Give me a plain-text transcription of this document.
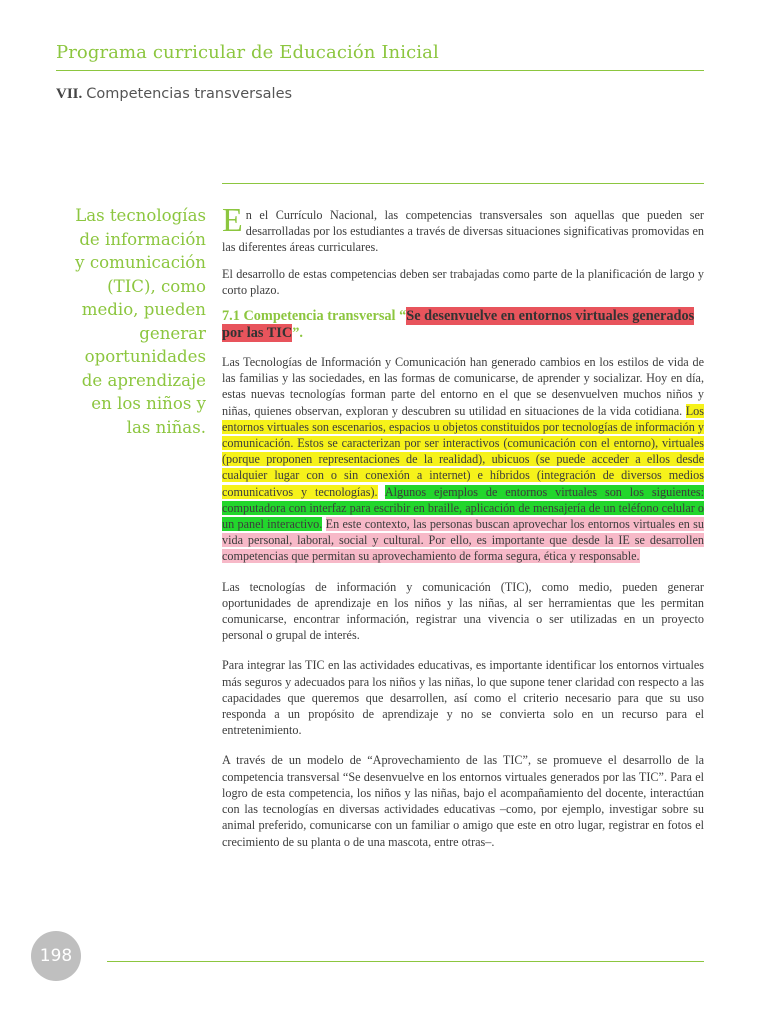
Programa curricular de Educación Inicial
VII. Competencias transversales
Las tecnologías
de información
y comunicación
(TIC), como
medio, pueden
generar
oportunidades
de aprendizaje
en los niños y
las niñas.

En el Currículo Nacional, las competencias transversales son aquellas que pueden ser desarrolladas por los estudiantes a través de diversas situaciones significativas promovidas en las diferentes áreas curriculares.

El desarrollo de estas competencias deben ser trabajadas como parte de la planificación de largo y corto plazo.

7.1 Competencia transversal “Se desenvuelve en entornos virtuales generados por las TIC”.

Las Tecnologías de Información y Comunicación han generado cambios en los estilos de vida de las familias y las sociedades, en las formas de comunicarse, de aprender y socializar. Hoy en día, estas nuevas tecnologías forman parte del entorno en el que se desenvuelven muchos niños y niñas, quienes observan, exploran y descubren su utilidad en situaciones de la vida cotidiana. Los entornos virtuales son escenarios, espacios u objetos constituidos por tecnologías de información y comunicación. Estos se caracterizan por ser interactivos (comunicación con el entorno), virtuales (porque proponen representaciones de la realidad), ubicuos (se puede acceder a ellos desde cualquier lugar con o sin conexión a internet) e híbridos (integración de diversos medios comunicativos y tecnologías). Algunos ejemplos de entornos virtuales son los siguientes: computadora con interfaz para escribir en braille, aplicación de mensajería de un teléfono celular o un panel interactivo. En este contexto, las personas buscan aprovechar los entornos virtuales en su vida personal, laboral, social y cultural. Por ello, es importante que desde la IE se desarrollen competencias que permitan su aprovechamiento de forma segura, ética y responsable.

Las tecnologías de información y comunicación (TIC), como medio, pueden generar oportunidades de aprendizaje en los niños y las niñas, al ser herramientas que les permitan comunicarse, encontrar información, registrar una vivencia o ser utilizadas en un proyecto personal o grupal de interés.

Para integrar las TIC en las actividades educativas, es importante identificar los entornos virtuales más seguros y adecuados para los niños y las niñas, lo que supone tener claridad con respecto a las capacidades que queremos que desarrollen, así como el criterio necesario para que su uso responda a un propósito de aprendizaje y no se convierta solo en un recurso para el entretenimiento.

A través de un modelo de “Aprovechamiento de las TIC”, se promueve el desarrollo de la competencia transversal “Se desenvuelve en los entornos virtuales generados por las TIC”. Para el logro de esta competencia, los niños y las niñas, bajo el acompañamiento del docente, interactúan con las tecnologías en diversas actividades educativas –como, por ejemplo, investigar sobre su animal preferido, comunicarse con un familiar o amigo que este en otro lugar, registrar en fotos el crecimiento de su planta o de una mascota, entre otras–.

198
